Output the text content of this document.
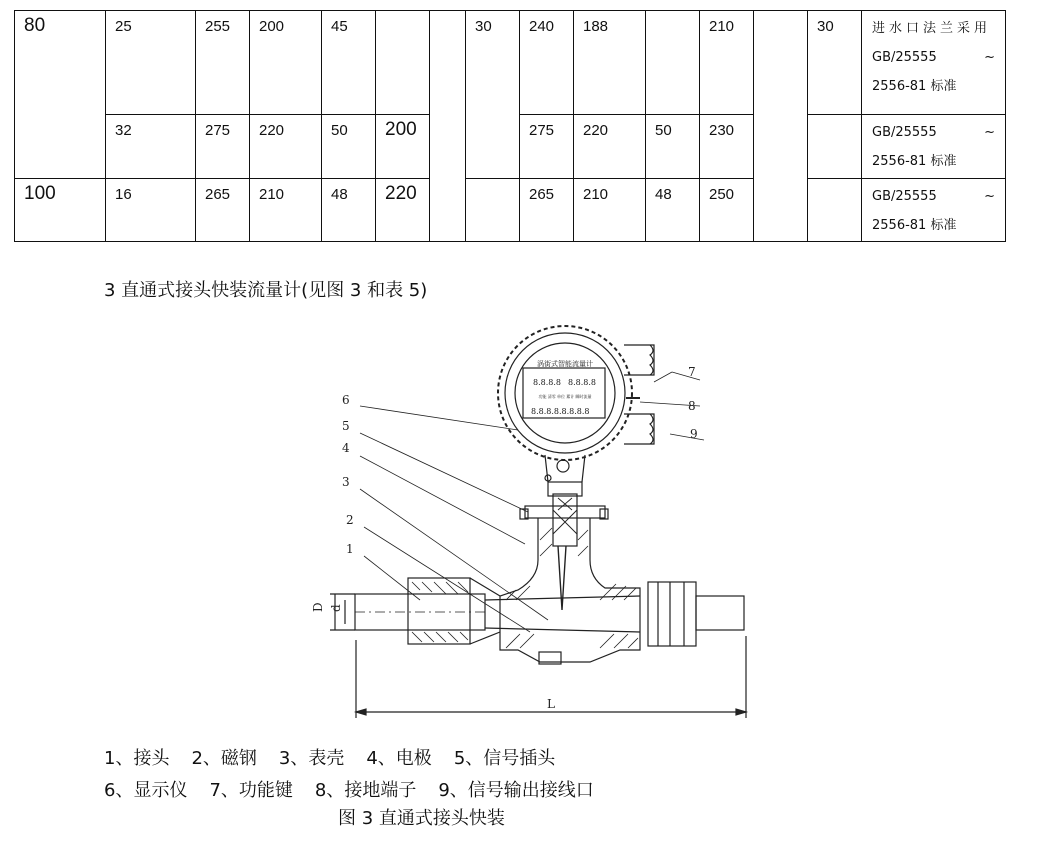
80	25	255	200	45			30	240	188		210		30	进水口法兰采用
GB/25555 ~
2556-81 标准

	32	275	220	50	200			275	220	50	230			GB/25555 ~
2556-81 标准

100	16	265	210	48	220			265	210	48	250			GB/25555 ~
2556-81 标准
3 直通式接头快装流量计(见图 3 和表 5)
涡街式智能流量计
8.8.8.8 8.8.8.8
功能 清零 单位 累计 瞬时流量
8.8.8.8.8.8.8.8
6
5
4
3
2
1
7
8
9
L
D d
1、接头 2、磁钢 3、表壳 4、电极 5、信号插头
6、显示仪 7、功能键 8、接地端子 9、信号输出接线口
图 3 直通式接头快装
